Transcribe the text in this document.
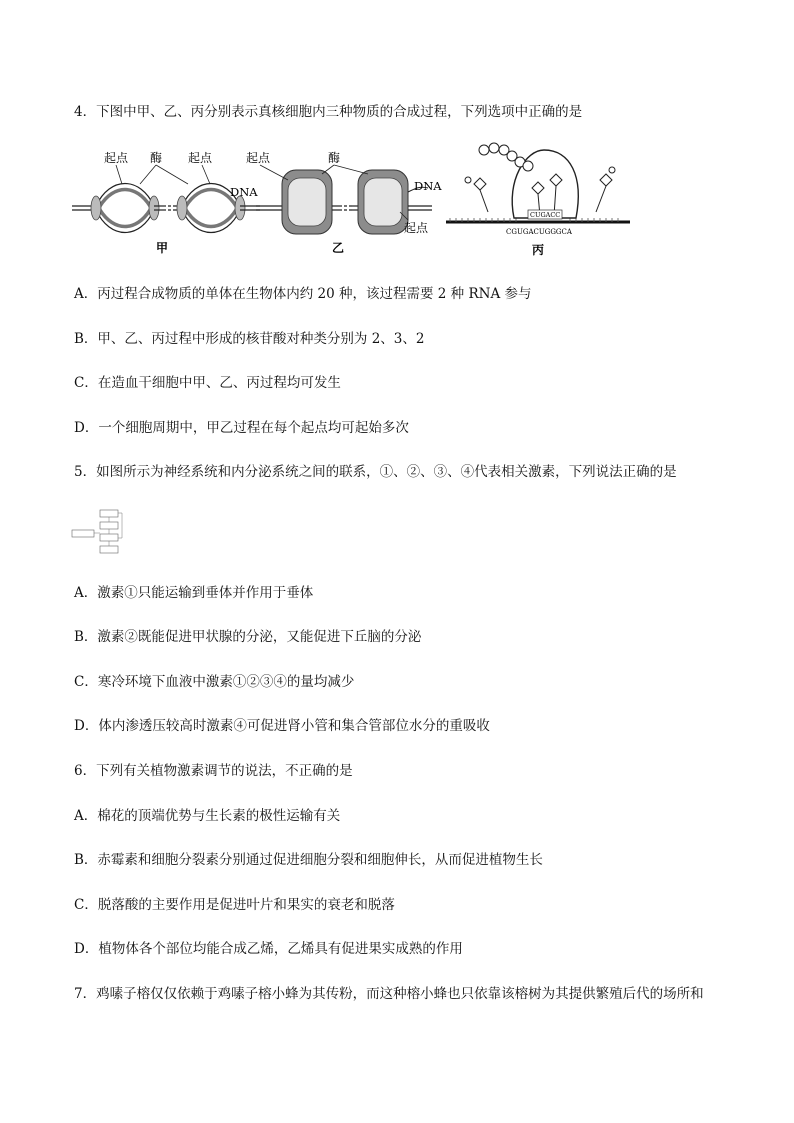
4．下图中甲、乙、丙分别表示真核细胞内三种物质的合成过程，下列选项中正确的是
起点 酶 起点
DNA
甲
起点	酶
DNA
起点
乙
CUGACC
CGUGACUGGGCA
丙
A．丙过程合成物质的单体在生物体内约 20 种，该过程需要 2 种 RNA 参与
B．甲、乙、丙过程中形成的核苷酸对种类分别为 2、3、2
C．在造血干细胞中甲、乙、丙过程均可发生
D．一个细胞周期中，甲乙过程在每个起点均可起始多次
5．如图所示为神经系统和内分泌系统之间的联系，①、②、③、④代表相关激素，下列说法正确的是
A．激素①只能运输到垂体并作用于垂体
B．激素②既能促进甲状腺的分泌，又能促进下丘脑的分泌
C．寒冷环境下血液中激素①②③④的量均减少
D．体内渗透压较高时激素④可促进肾小管和集合管部位水分的重吸收
6．下列有关植物激素调节的说法，不正确的是
A．棉花的顶端优势与生长素的极性运输有关
B．赤霉素和细胞分裂素分别通过促进细胞分裂和细胞伸长，从而促进植物生长
C．脱落酸的主要作用是促进叶片和果实的衰老和脱落
D．植物体各个部位均能合成乙烯，乙烯具有促进果实成熟的作用
7．鸡嗉子榕仅仅依赖于鸡嗉子榕小蜂为其传粉，而这种榕小蜂也只依靠该榕树为其提供繁殖后代的场所和
